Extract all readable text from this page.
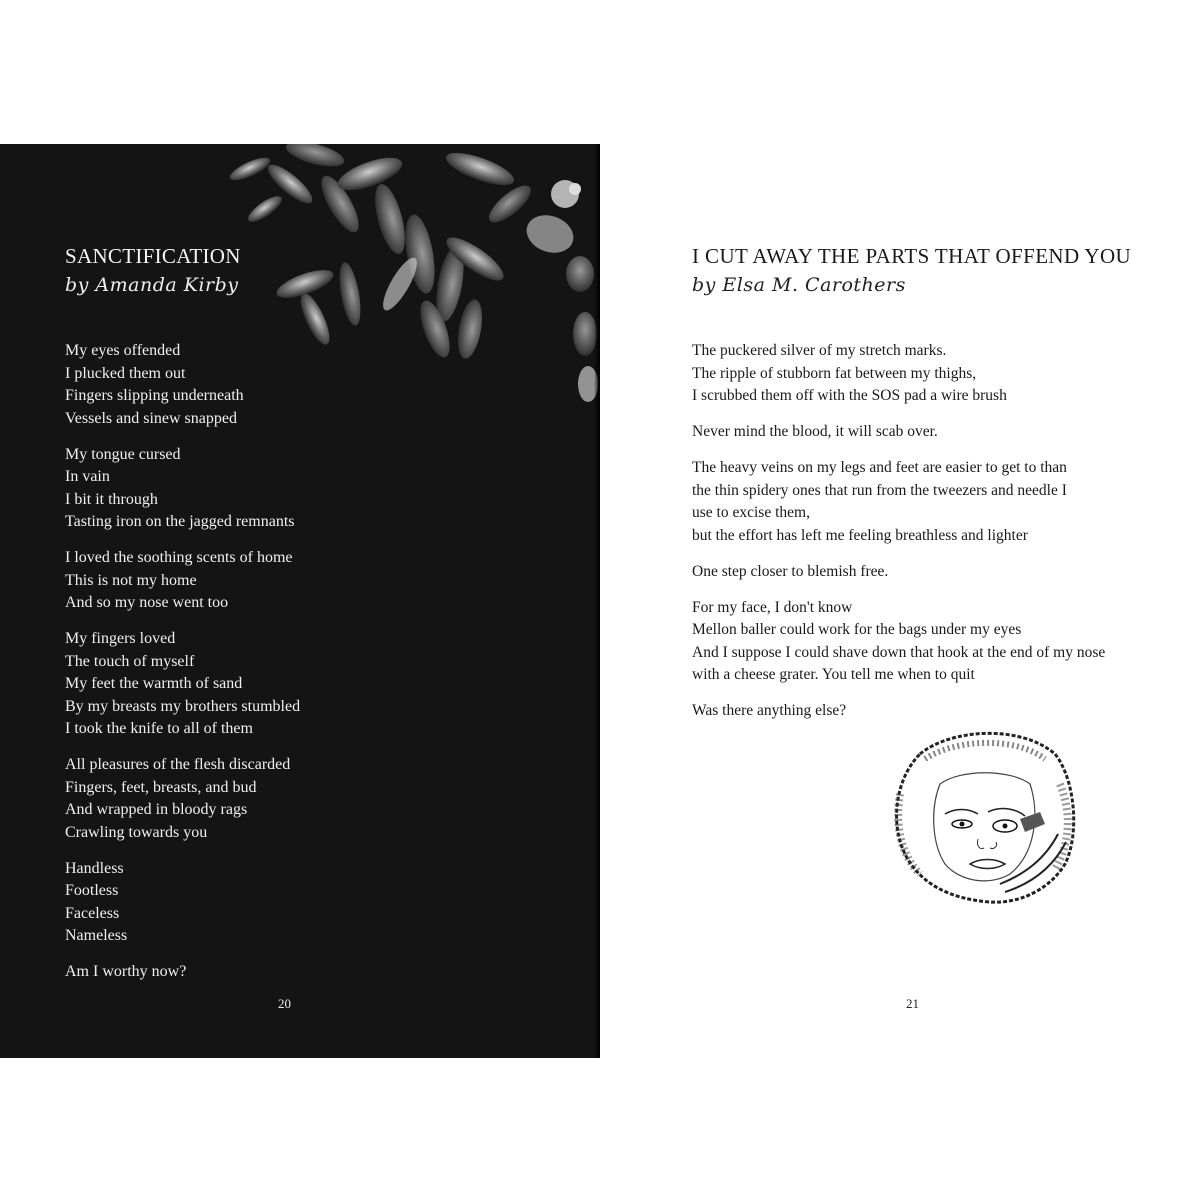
SANCTIFICATION
by Amanda Kirby
My eyes offended
I plucked them out
Fingers slipping underneath
Vessels and sinew snapped
My tongue cursed
In vain
I bit it through
Tasting iron on the jagged remnants
I loved the soothing scents of home
This is not my home
And so my nose went too
My fingers loved
The touch of myself
My feet the warmth of sand
By my breasts my brothers stumbled
I took the knife to all of them
All pleasures of the flesh discarded
Fingers, feet, breasts, and bud
And wrapped in bloody rags
Crawling towards you
Handless
Footless
Faceless
Nameless
Am I worthy now?
20
I CUT AWAY THE PARTS THAT OFFEND YOU
by Elsa M. Carothers
The puckered silver of my stretch marks.
The ripple of stubborn fat between my thighs,
I scrubbed them off with the SOS pad a wire brush
Never mind the blood, it will scab over.
The heavy veins on my legs and feet are easier to get to than
the thin spidery ones that run from the tweezers and needle I
use to excise them,
but the effort has left me feeling breathless and lighter
One step closer to blemish free.
For my face, I don't know
Mellon baller could work for the bags under my eyes
And I suppose I could shave down that hook at the end of my nose
with a cheese grater. You tell me when to quit
Was there anything else?
21
